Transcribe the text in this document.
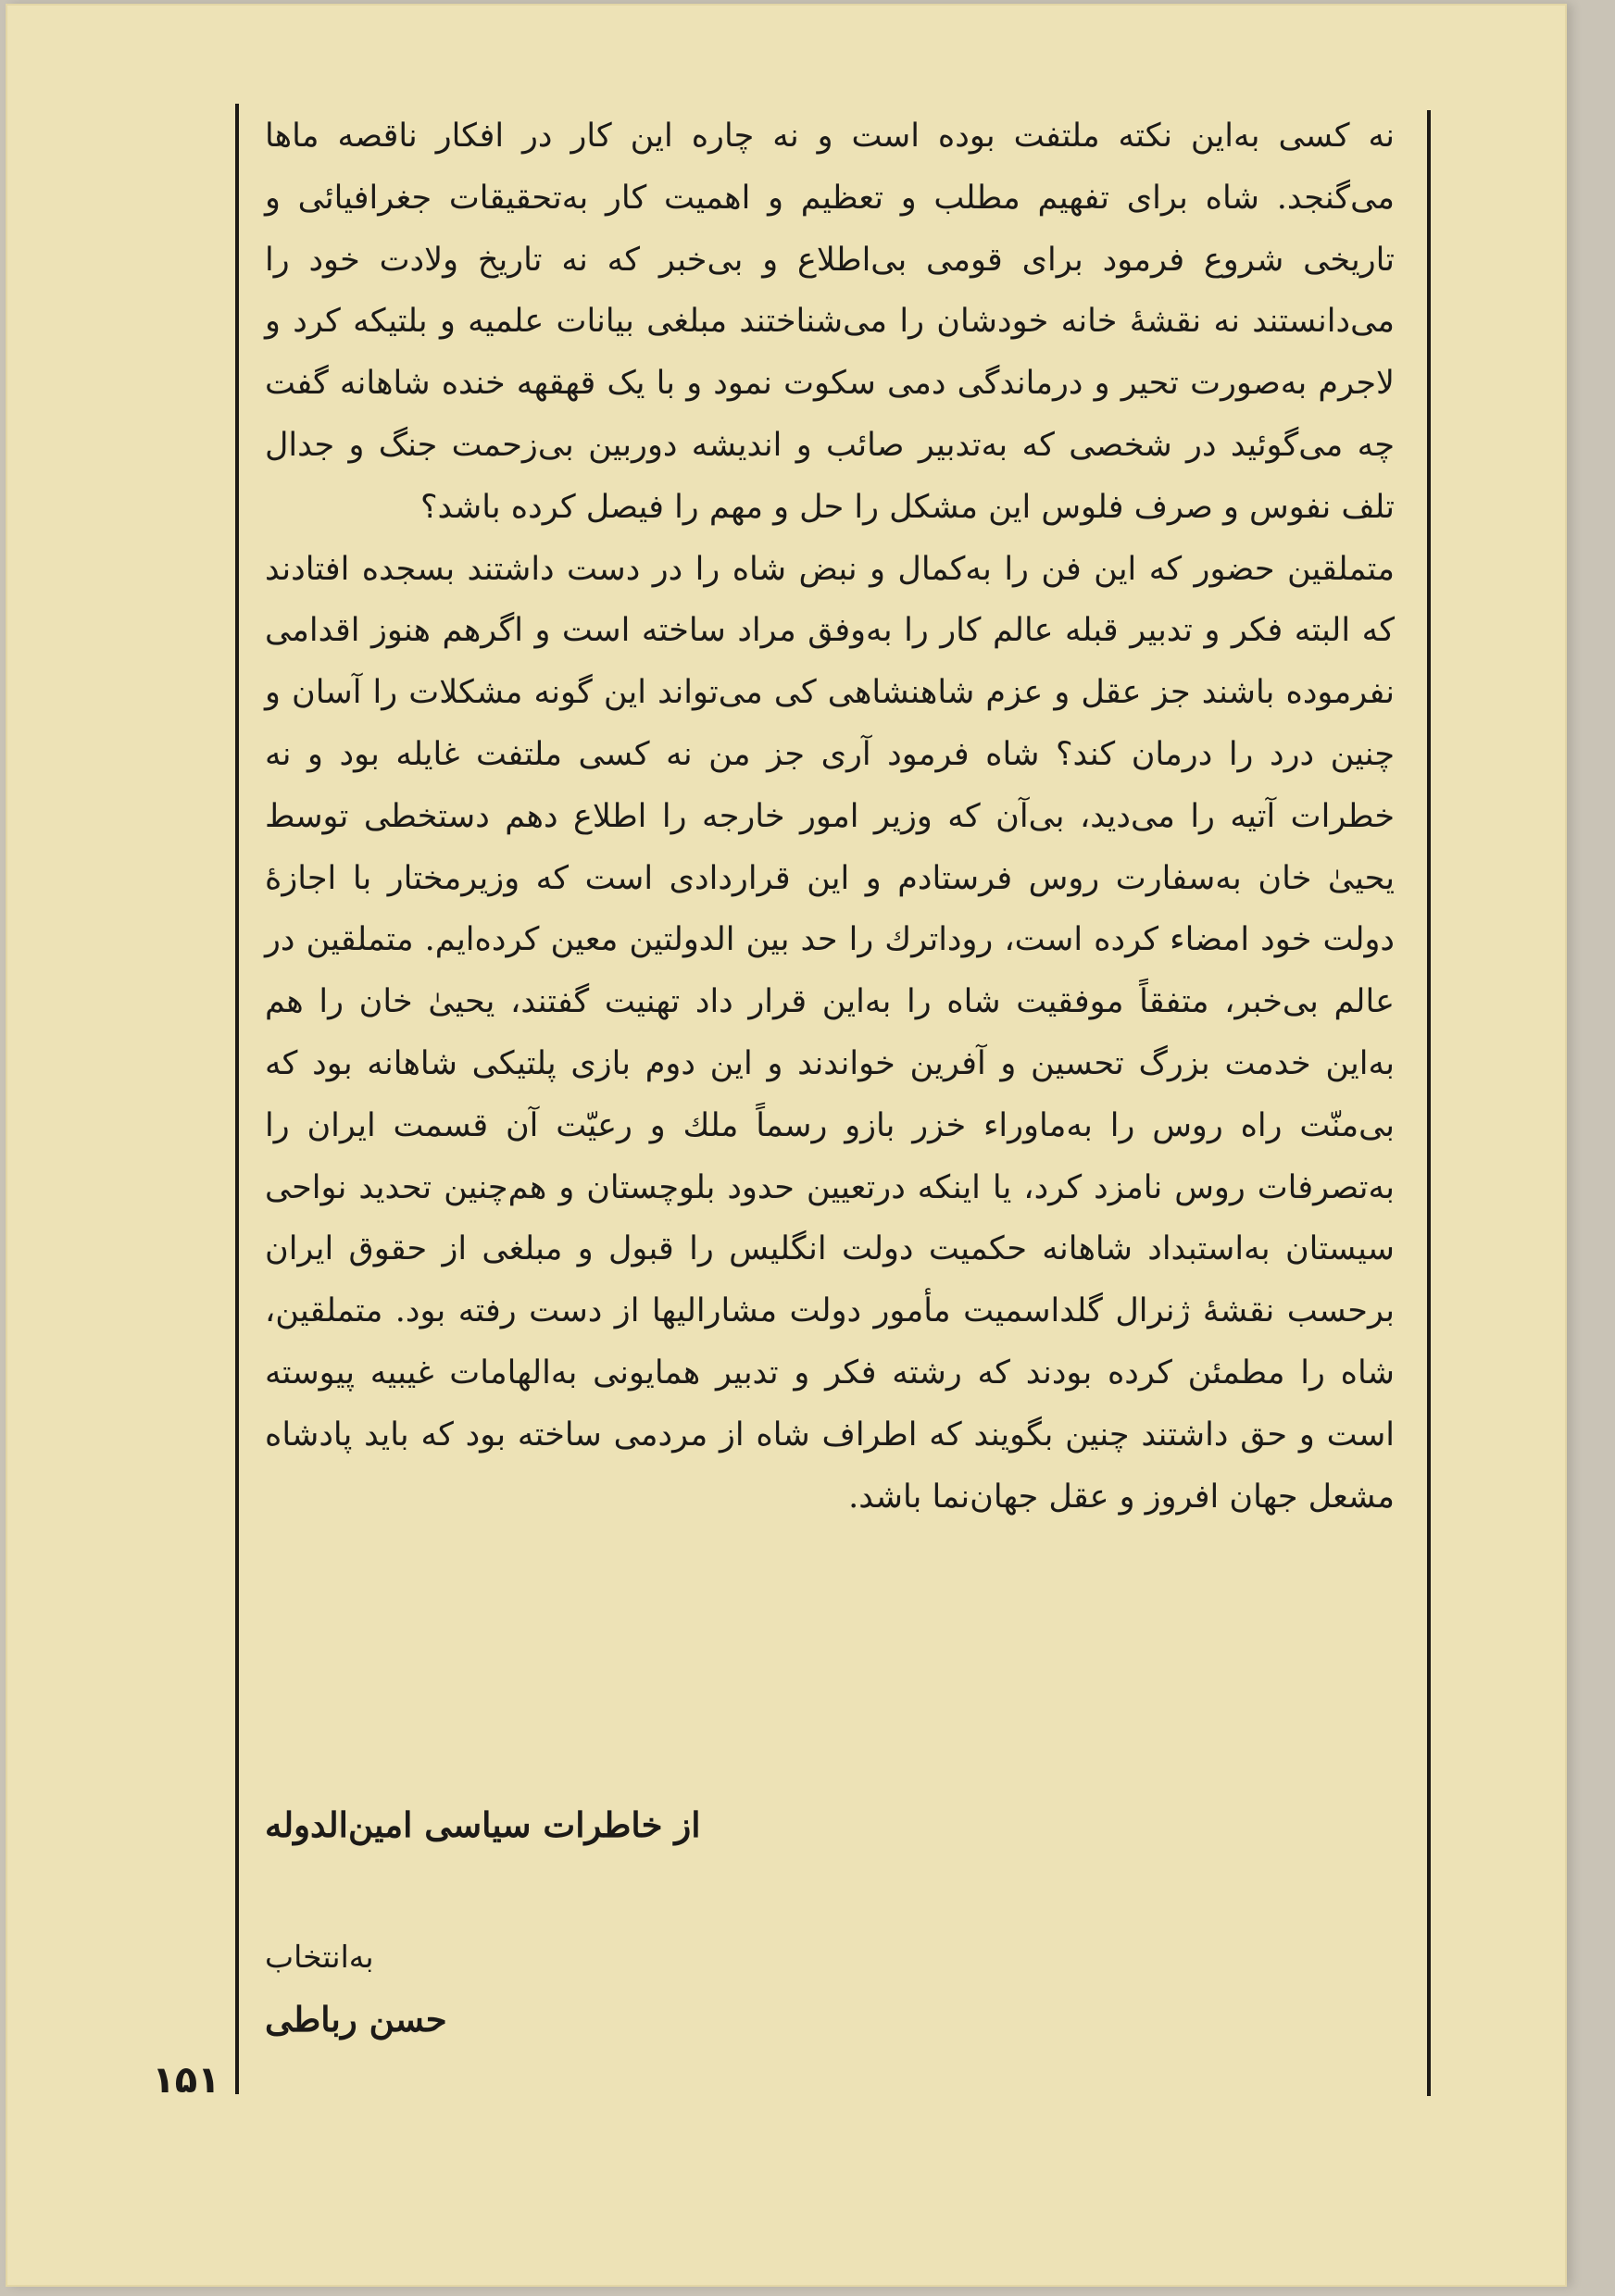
نه کسی به‌این نکته ملتفت بوده است و نه چاره این کار در افکار ناقصه ماها می‌گنجد. شاه برای تفهیم مطلب و تعظیم و اهمیت کار به‌تحقیقات جغرافیائی و تاریخی شروع فرمود برای قومی بی‌اطلاع و بی‌خبر که نه تاریخ ولادت خود را می‌دانستند نه نقشهٔ خانه خودشان را می‌شناختند مبلغی بیانات علمیه و بلتیکه کرد و لاجرم به‌صورت تحیر و درماندگی دمی سکوت نمود و با یک قهقهه خنده شاهانه گفت چه می‌گوئید در شخصی که به‌تدبیر صائب و اندیشه دوربین بی‌زحمت جنگ و جدال تلف نفوس و صرف فلوس این مشکل را حل و مهم را فیصل کرده باشد؟

متملقین حضور که این فن را به‌کمال و نبض شاه را در دست داشتند بسجده افتادند که البته فکر و تدبیر قبله عالم کار را به‌وفق مراد ساخته است و اگرهم هنوز اقدامی نفرموده باشند جز عقل و عزم شاهنشاهی کی می‌تواند این گونه مشکلات را آسان و چنین درد را درمان کند؟ شاه فرمود آری جز من نه کسی ملتفت غایله بود و نه خطرات آتیه را می‌دید، بی‌آن که وزیر امور خارجه را اطلاع دهم دستخطی توسط یحییٰ خان به‌سفارت روس فرستادم و این قراردادی است که وزیرمختار با اجازهٔ دولت خود امضاء کرده است، روداترك را حد بین الدولتین معین کرده‌ایم. متملقین در عالم بی‌خبر، متفقاً موفقیت شاه را به‌این قرار داد تهنیت گفتند، یحییٰ خان را هم به‌این خدمت بزرگ تحسین و آفرین خواندند و این دوم بازی پلتیکی شاهانه بود که بی‌منّت راه روس را به‌ماوراء خزر بازو رسماً ملك و رعیّت آن قسمت ایران را به‌تصرفات روس نامزد کرد، یا اینکه درتعیین حدود بلوچستان و هم‌چنین تحدید نواحی سیستان به‌استبداد شاهانه حکمیت دولت انگلیس را قبول و مبلغی از حقوق ایران برحسب نقشهٔ ژنرال گلداسمیت مأمور دولت مشارالیها از دست رفته بود. متملقین، شاه را مطمئن کرده بودند که رشته فکر و تدبیر همایونی به‌الهامات غیبیه پیوسته است و حق داشتند چنین بگویند که اطراف شاه از مردمی ساخته بود که باید پادشاه مشعل جهان افروز و عقل جهان‌نما باشد.

از خاطرات سیاسی امین‌الدوله
به‌انتخاب
حسن رباطی
۱۵۱
